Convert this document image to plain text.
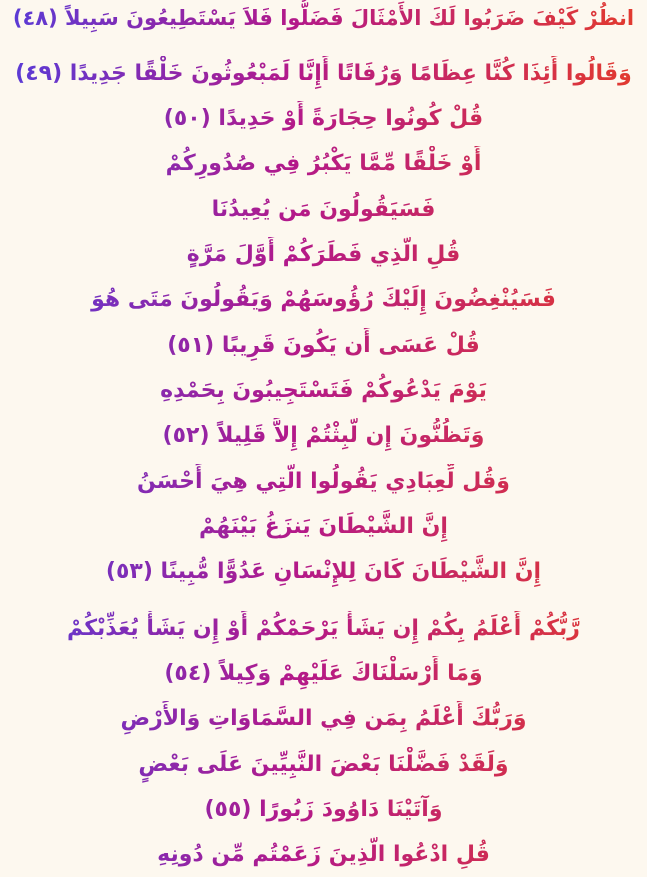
انظُرْ كَيْفَ ضَرَبُوا لَكَ الأَمْثَالَ فَضَلُّوا فَلاَ يَسْتَطِيعُونَ سَبِيلاً (٤٨)
وَقَالُوا أَئِذَا كُنَّا عِظَامًا وَرُفَاتًا أَإِنَّا لَمَبْعُوثُونَ خَلْقًا جَدِيدًا (٤٩)
قُلْ كُونُوا حِجَارَةً أَوْ حَدِيدًا (٥٠)
أَوْ خَلْقًا مِّمَّا يَكْبُرُ فِي صُدُورِكُمْ
فَسَيَقُولُونَ مَن يُعِيدُنَا
قُلِ الَّذِي فَطَرَكُمْ أَوَّلَ مَرَّةٍ
فَسَيُنْغِضُونَ إِلَيْكَ رُؤُوسَهُمْ وَيَقُولُونَ مَتَى هُوَ
قُلْ عَسَى أَن يَكُونَ قَرِيبًا (٥١)
يَوْمَ يَدْعُوكُمْ فَتَسْتَجِيبُونَ بِحَمْدِهِ
وَتَظُنُّونَ إِن لَّبِثْتُمْ إِلاَّ قَلِيلاً (٥٢)
وَقُل لِّعِبَادِي يَقُولُوا الَّتِي هِيَ أَحْسَنُ
إِنَّ الشَّيْطَانَ يَنزَغُ بَيْنَهُمْ
إِنَّ الشَّيْطَانَ كَانَ لِلإِنْسَانِ عَدُوًّا مُّبِينًا (٥٣)
رَّبُّكُمْ أَعْلَمُ بِكُمْ إِن يَشَأْ يَرْحَمْكُمْ أَوْ إِن يَشَأْ يُعَذِّبْكُمْ
وَمَا أَرْسَلْنَاكَ عَلَيْهِمْ وَكِيلاً (٥٤)
وَرَبُّكَ أَعْلَمُ بِمَن فِي السَّمَاوَاتِ وَالأَرْضِ
وَلَقَدْ فَضَّلْنَا بَعْضَ النَّبِيِّينَ عَلَى بَعْضٍ
وَآتَيْنَا دَاوُودَ زَبُورًا (٥٥)
قُلِ ادْعُوا الَّذِينَ زَعَمْتُم مِّن دُونِهِ
